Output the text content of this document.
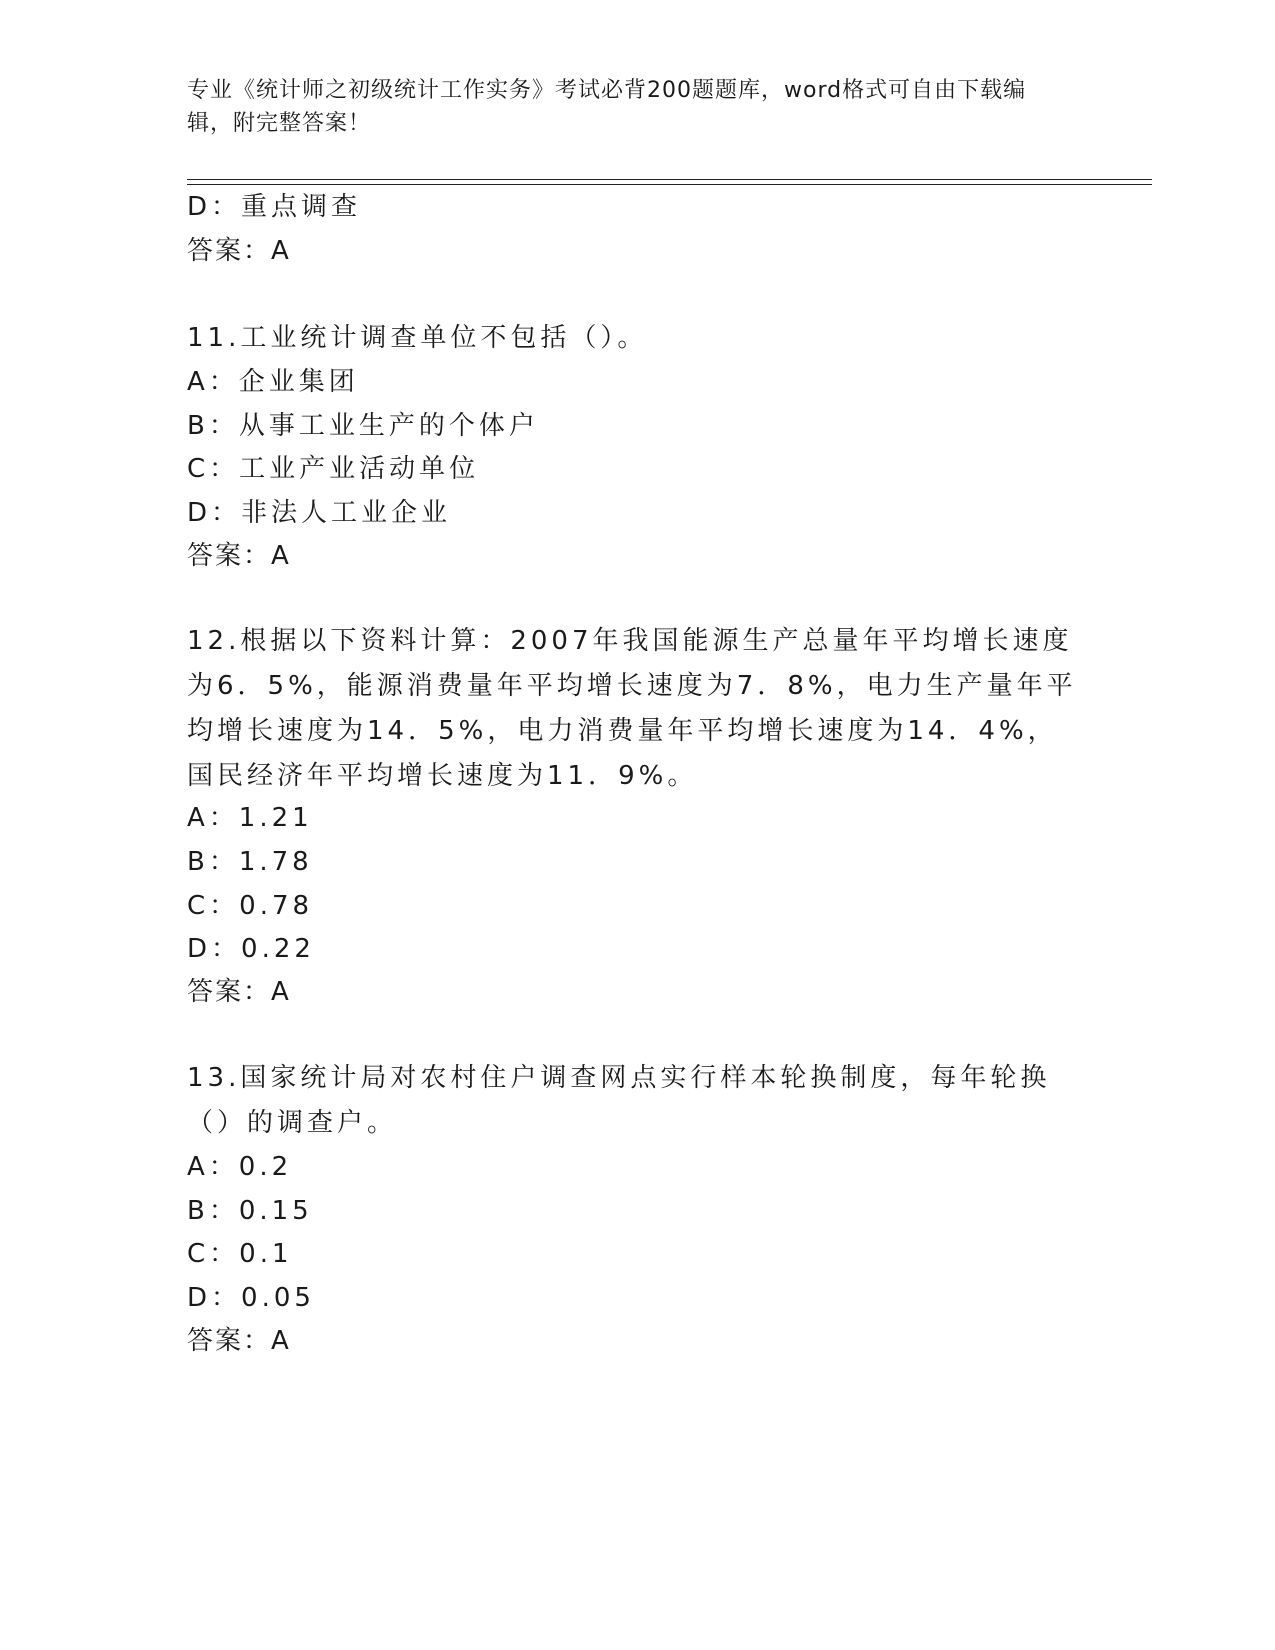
专业《统计师之初级统计工作实务》考试必背200题题库，word格式可自由下载编辑，附完整答案！
D：重点调查
答案：A
11.工业统计调查单位不包括（）。
A：企业集团
B：从事工业生产的个体户
C：工业产业活动单位
D：非法人工业企业
答案：A
12.根据以下资料计算：2007年我国能源生产总量年平均增长速度为6．5%，能源消费量年平均增长速度为7．8%，电力生产量年平均增长速度为14．5%，电力消费量年平均增长速度为14．4%，国民经济年平均增长速度为11．9%。
A：1.21
B：1.78
C：0.78
D：0.22
答案：A
13.国家统计局对农村住户调查网点实行样本轮换制度，每年轮换（）的调查户。
A：0.2
B：0.15
C：0.1
D：0.05
答案：A
